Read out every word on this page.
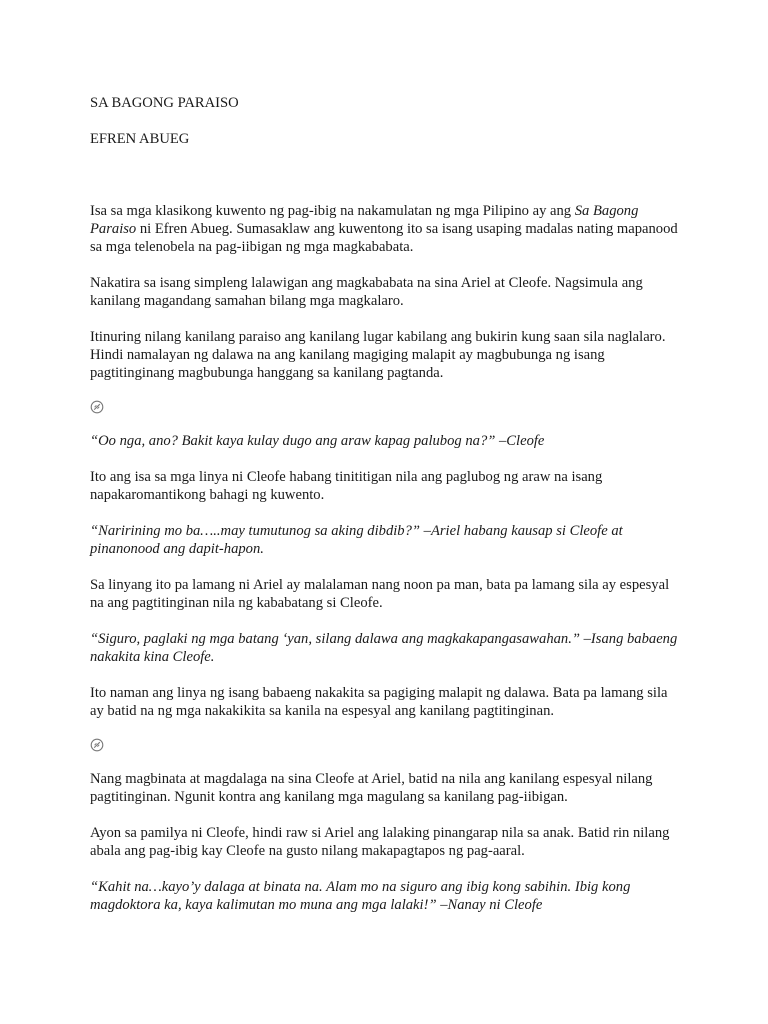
SA BAGONG PARAISO
EFREN ABUEG

Isa sa mga klasikong kuwento ng pag-ibig na nakamulatan ng mga Pilipino ay ang Sa Bagong Paraiso ni Efren Abueg. Sumasaklaw ang kuwentong ito sa isang usaping madalas nating mapanood sa mga telenobela na pag-iibigan ng mga magkababata.

Nakatira sa isang simpleng lalawigan ang magkababata na sina Ariel at Cleofe. Nagsimula ang kanilang magandang samahan bilang mga magkalaro.

Itinuring nilang kanilang paraiso ang kanilang lugar kabilang ang bukirin kung saan sila naglalaro. Hindi namalayan ng dalawa na ang kanilang magiging malapit ay magbubunga ng isang pagtitinginang magbubunga hanggang sa kanilang pagtanda.

“Oo nga, ano? Bakit kaya kulay dugo ang araw kapag palubog na?” –Cleofe

Ito ang isa sa mga linya ni Cleofe habang tinititigan nila ang paglubog ng araw na isang napakaromantikong bahagi ng kuwento.

“Naririning mo ba…..may tumutunog sa aking dibdib?” –Ariel habang kausap si Cleofe at pinanonood ang dapit-hapon.

Sa linyang ito pa lamang ni Ariel ay malalaman nang noon pa man, bata pa lamang sila ay espesyal na ang pagtitinginan nila ng kababatang si Cleofe.

“Siguro, paglaki ng mga batang ‘yan, silang dalawa ang magkakapangasawahan.” –Isang babaeng nakakita kina Cleofe.

Ito naman ang linya ng isang babaeng nakakita sa pagiging malapit ng dalawa. Bata pa lamang sila ay batid na ng mga nakakikita sa kanila na espesyal ang kanilang pagtitinginan.

Nang magbinata at magdalaga na sina Cleofe at Ariel, batid na nila ang kanilang espesyal nilang pagtitinginan. Ngunit kontra ang kanilang mga magulang sa kanilang pag-iibigan.

Ayon sa pamilya ni Cleofe, hindi raw si Ariel ang lalaking pinangarap nila sa anak. Batid rin nilang abala ang pag-ibig kay Cleofe na gusto nilang makapagtapos ng pag-aaral.

“Kahit na…kayo’y dalaga at binata na. Alam mo na siguro ang ibig kong sabihin. Ibig kong magdoktora ka, kaya kalimutan mo muna ang mga lalaki!” –Nanay ni Cleofe
